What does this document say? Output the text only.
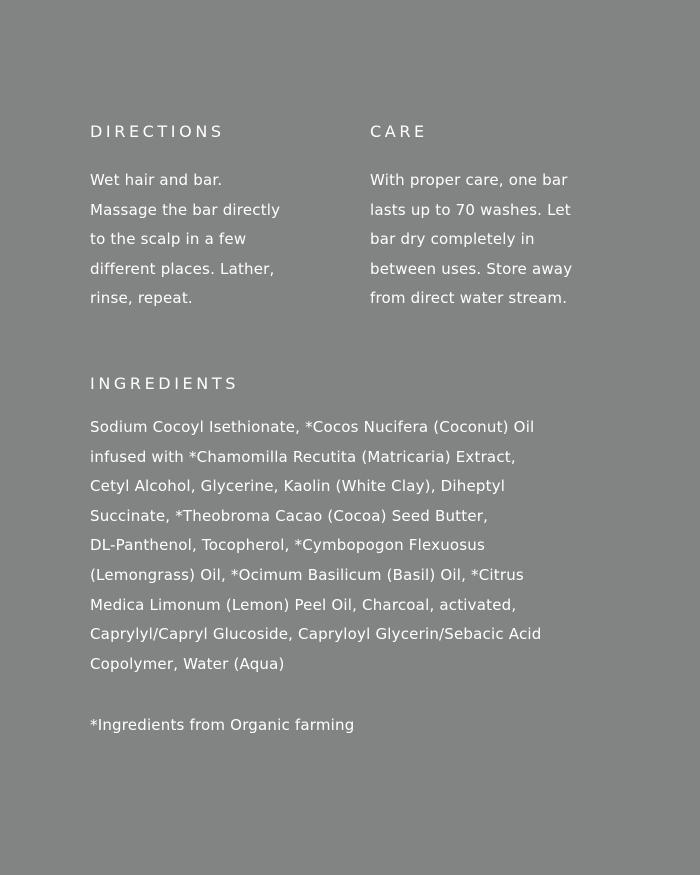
DIRECTIONS
Wet hair and bar.
Massage the bar directly
to the scalp in a few
different places. Lather,
rinse, repeat.
CARE
With proper care, one bar
lasts up to 70 washes. Let
bar dry completely in
between uses. Store away
from direct water stream.
INGREDIENTS
Sodium Cocoyl Isethionate, *Cocos Nucifera (Coconut) Oil
infused with *Chamomilla Recutita (Matricaria) Extract,
Cetyl Alcohol, Glycerine, Kaolin (White Clay), Diheptyl
Succinate, *Theobroma Cacao (Cocoa) Seed Butter,
DL-Panthenol, Tocopherol, *Cymbopogon Flexuosus
(Lemongrass) Oil, *Ocimum Basilicum (Basil) Oil, *Citrus
Medica Limonum (Lemon) Peel Oil, Charcoal, activated,
Caprylyl/Capryl Glucoside, Capryloyl Glycerin/Sebacic Acid
Copolymer, Water (Aqua)

*Ingredients from Organic farming
